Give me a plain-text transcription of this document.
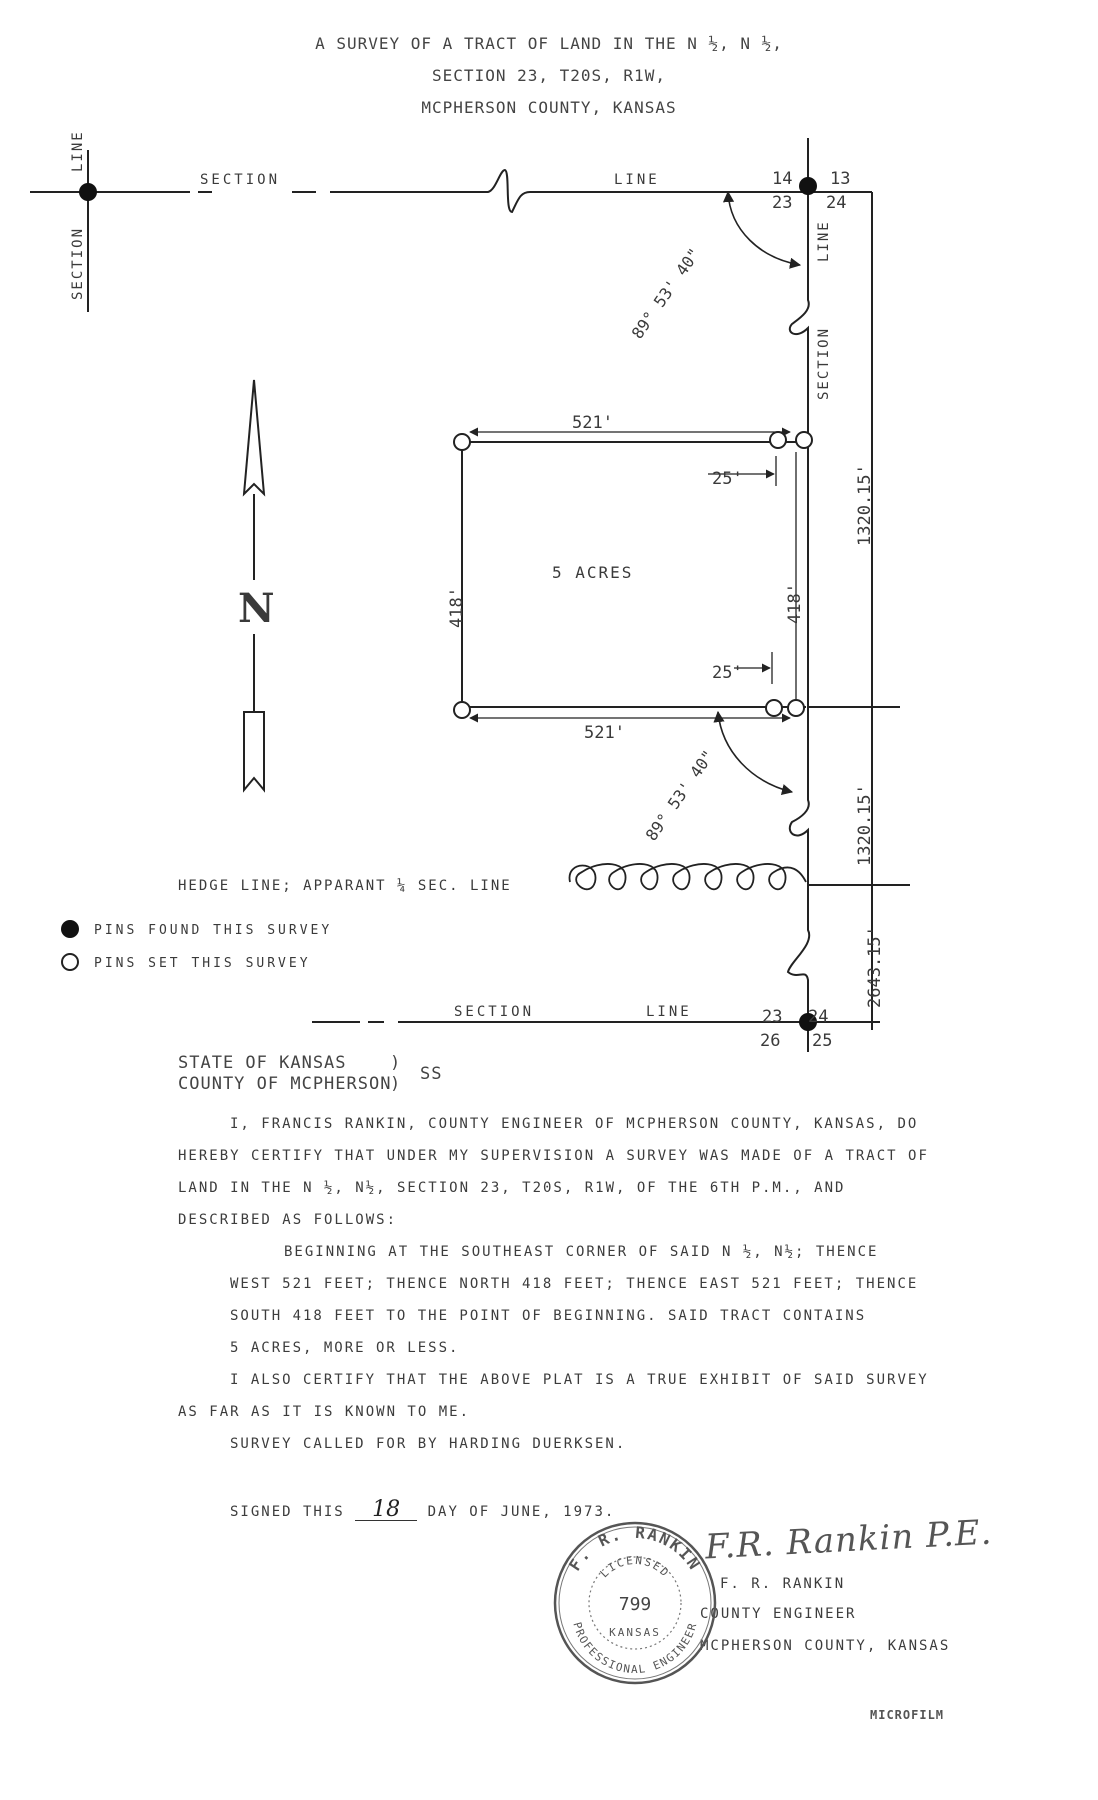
A SURVEY OF A TRACT OF LAND IN THE N ½, N ½,
SECTION 23, T20S, R1W,
MCPHERSON COUNTY, KANSAS
SECTION
LINE
SECTION	LINE
LINE
SECTION
SECTION	LINE
14 13
23 24
23 24
26 25
89° 53' 40"
89° 53' 40"
521'
521'
25'
25'
418'	418'
1320.15'
1320.15'
2643.15'
5 ACRES
N
HEDGE LINE; APPARANT ¼ SEC. LINE
PINS FOUND THIS SURVEY
PINS SET THIS SURVEY
STATE OF KANSAS
COUNTY OF MCPHERSON
)
) SS
I, FRANCIS RANKIN, COUNTY ENGINEER OF MCPHERSON COUNTY, KANSAS, DO
HEREBY CERTIFY THAT UNDER MY SUPERVISION A SURVEY WAS MADE OF A TRACT OF
LAND IN THE N ½, N½, SECTION 23, T20S, R1W, OF THE 6TH P.M., AND
DESCRIBED AS FOLLOWS:
BEGINNING AT THE SOUTHEAST CORNER OF SAID N ½, N½; THENCE
WEST 521 FEET; THENCE NORTH 418 FEET; THENCE EAST 521 FEET; THENCE
SOUTH 418 FEET TO THE POINT OF BEGINNING. SAID TRACT CONTAINS
5 ACRES, MORE OR LESS.
I ALSO CERTIFY THAT THE ABOVE PLAT IS A TRUE EXHIBIT OF SAID SURVEY
AS FAR AS IT IS KNOWN TO ME.
SURVEY CALLED FOR BY HARDING DUERKSEN.
SIGNED THIS 18 DAY OF JUNE, 1973.
F.R. Rankin P.E.
F. R. RANKIN
COUNTY ENGINEER
MCPHERSON COUNTY, KANSAS
F. R. RANKIN
PROFESSIONAL ENGINEER
LICENSED
799
KANSAS
MICROFILM
